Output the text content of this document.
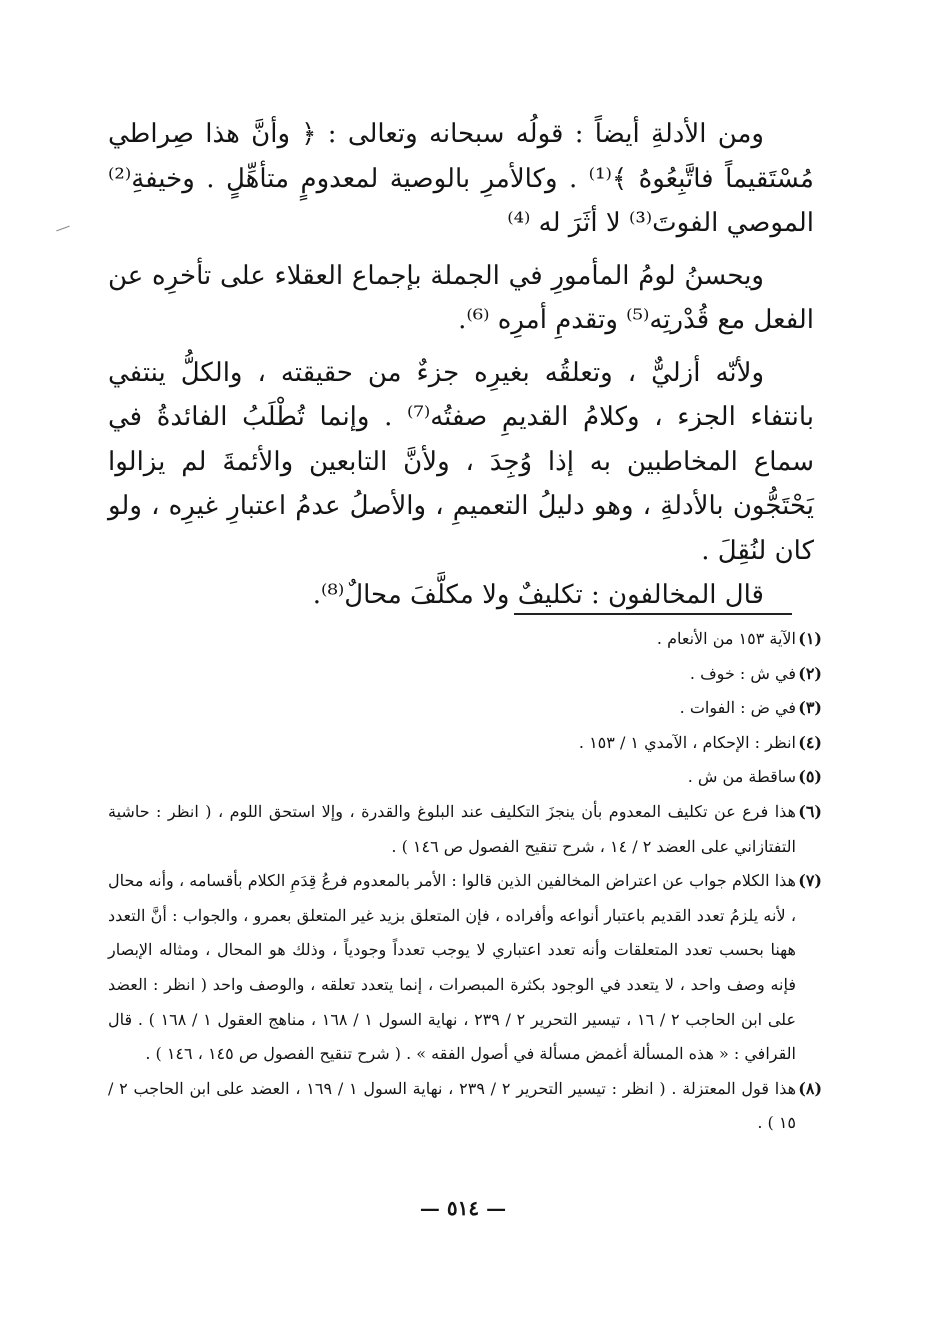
ومن الأدلةِ أيضاً : قولُه سبحانه وتعالى : ﴿ وأنَّ هذا صِراطي مُسْتَقيماً فاتَّبِعُوهُ ﴾⁽¹⁾ . وكالأمرِ بالوصية لمعدومٍ متأهِّلٍ . وخيفةِ⁽²⁾ الموصي الفوتَ⁽³⁾ لا أثَرَ له ⁽⁴⁾

ويحسنُ لومُ المأمورِ في الجملة بإجماع العقلاء على تأخرِه عن الفعل مع قُدْرتِه⁽⁵⁾ وتقدمِ أمرِه ⁽⁶⁾.

ولأنّه أزليٌّ ، وتعلقُه بغيرِه جزءٌ من حقيقته ، والكلُّ ينتفي بانتفاء الجزء ، وكلامُ القديمِ صفتُه⁽⁷⁾ . وإنما تُطْلَبُ الفائدةُ في سماع المخاطبين به إذا وُجِدَ ، ولأنَّ التابعين والأئمةَ لم يزالوا يَحْتَجُّون بالأدلةِ ، وهو دليلُ التعميمِ ، والأصلُ عدمُ اعتبارِ غيرِه ، ولو كان لنُقِلَ .

قال المخالفون : تكليفٌ ولا مكلَّفَ محالٌ⁽⁸⁾.

(١)الآية ١٥٣ من الأنعام .

(٢)في ش : خوف .

(٣)في ض : الفوات .

(٤)انظر : الإحكام ، الآمدي ١ / ١٥٣ .

(٥)ساقطة من ش .

(٦)هذا فرع عن تكليف المعدوم بأن ينجزَ التكليف عند البلوغ والقدرة ، وإلا استحق اللوم ، ( انظر : حاشية التفتازاني على العضد ٢ / ١٤ ، شرح تنقيح الفصول ص ١٤٦ ) .

(٧)هذا الكلام جواب عن اعتراض المخالفين الذين قالوا : الأمر بالمعدوم فرعُ قِدَمِ الكلام بأقسامه ، وأنه محال ، لأنه يلزمُ تعدد القديم باعتبار أنواعه وأفراده ، فإن المتعلق بزيد غير المتعلق بعمرو ، والجواب : أنَّ التعدد ههنا بحسب تعدد المتعلقات وأنه تعدد اعتباري لا يوجب تعدداً وجودياً ، وذلك هو المحال ، ومثاله الإبصار فإنه وصف واحد ، لا يتعدد في الوجود بكثرة المبصرات ، إنما يتعدد تعلقه ، والوصف واحد ( انظر : العضد على ابن الحاجب ٢ / ١٦ ، تيسير التحرير ٢ / ٢٣٩ ، نهاية السول ١ / ١٦٨ ، مناهج العقول ١ / ١٦٨ ) . قال القرافي : « هذه المسألة أغمض مسألة في أصول الفقه » . ( شرح تنقيح الفصول ص ١٤٥ ، ١٤٦ ) .

(٨)هذا قول المعتزلة . ( انظر : تيسير التحرير ٢ / ٢٣٩ ، نهاية السول ١ / ١٦٩ ، العضد على ابن الحاجب ٢ / ١٥ ) .

— ٥١٤ —
